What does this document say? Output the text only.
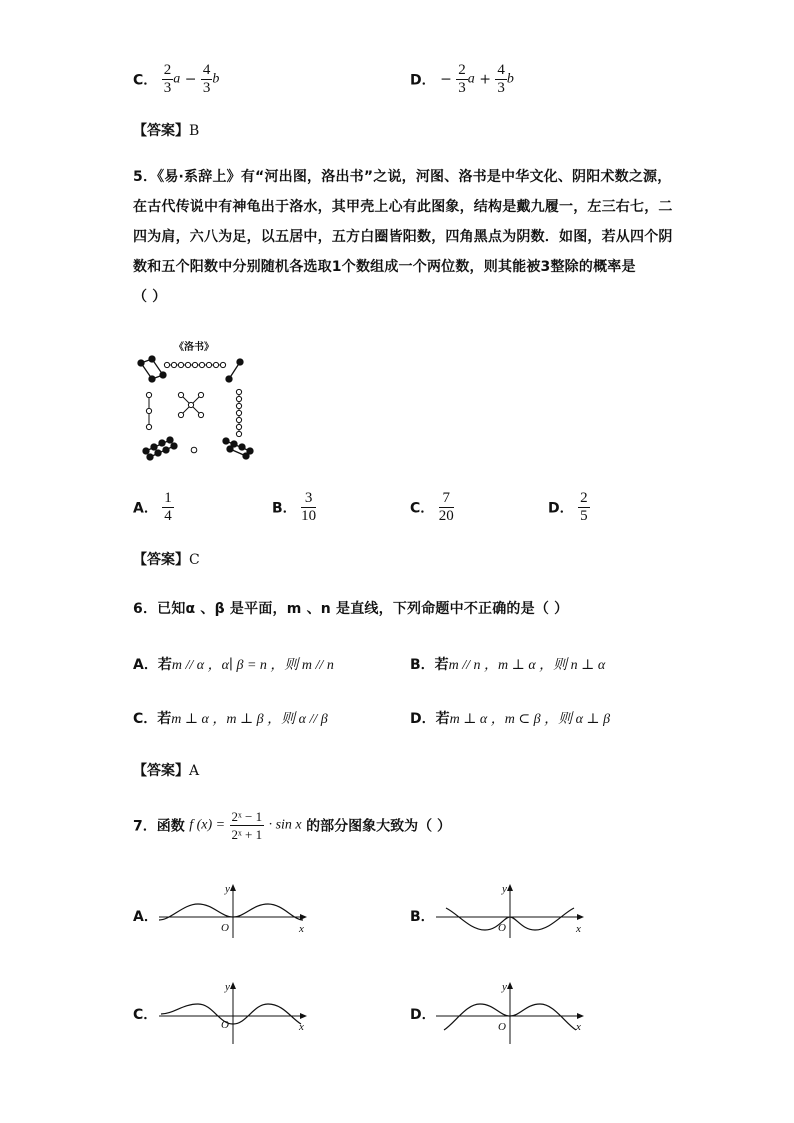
C． $\frac{2}{3}$ $a - \frac{4}{3}$ b	D． − $\frac{2}{3}$ $a + \frac{4}{3}$ b
【答案】B
5．《易·系辞上》有“河出图，洛出书”之说，河图、洛书是中华文化、阴阳术数之源，
在古代传说中有神龟出于洛水，其甲壳上心有此图象，结构是戴九履一，左三右七，二
四为肩，六八为足，以五居中，五方白圈皆阳数，四角黑点为阴数．如图，若从四个阴
数和五个阳数中分别随机各选取1个数组成一个两位数，则其能被3整除的概率是
（ ）
《洛书》
A． $\frac{1}{4}$	B． $\frac{3}{10}$	C． $\frac{7}{20}$	D． $\frac{2}{5}$
【答案】C
6．已知α 、β 是平面，m 、n 是直线，下列命题中不正确的是（ ）
A．若m // α ，α∣ β = n ，则 m // n	B．若m // n ，m ⊥ α ，则 n ⊥ α
C．若m ⊥ α ，m ⊥ β ，则 α // β	D．若m ⊥ α ，m ⊂ β ，则 α ⊥ β
【答案】A
7．函数 f $(x) = \frac{\text{2ˣ − 1}}{\text{2ˣ + 1}} \cdot \sin x$ 的部分图象大致为（ ）
A．
y
x
O
B．
y
x
O
C．
y
x
O
D．
y
x
O
